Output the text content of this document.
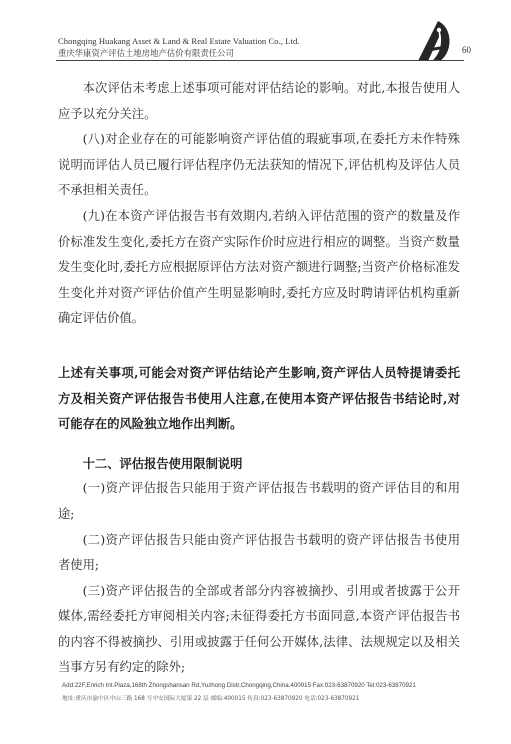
Chongqing Huakang Asset & Land & Real Estate Valuation Co., Ltd.
重庆华康资产评估土地房地产估价有限责任公司	60

本次评估未考虑上述事项可能对评估结论的影响。对此,本报告使用人应予以充分关注。

(八)对企业存在的可能影响资产评估值的瑕疵事项,在委托方未作特殊说明而评估人员已履行评估程序仍无法获知的情况下,评估机构及评估人员不承担相关责任。

(九)在本资产评估报告书有效期内,若纳入评估范围的资产的数量及作价标准发生变化,委托方在资产实际作价时应进行相应的调整。当资产数量发生变化时,委托方应根据原评估方法对资产额进行调整;当资产价格标准发生变化并对资产评估价值产生明显影响时,委托方应及时聘请评估机构重新确定评估价值。

上述有关事项,可能会对资产评估结论产生影响,资产评估人员特提请委托方及相关资产评估报告书使用人注意,在使用本资产评估报告书结论时,对可能存在的风险独立地作出判断。

十二、评估报告使用限制说明

(一)资产评估报告只能用于资产评估报告书载明的资产评估目的和用途;

(二)资产评估报告只能由资产评估报告书载明的资产评估报告书使用者使用;

(三)资产评估报告的全部或者部分内容被摘抄、引用或者披露于公开媒体,需经委托方审阅相关内容;未征得委托方书面同意,本资产评估报告书的内容不得被摘抄、引用或披露于任何公开媒体,法律、法规规定以及相关当事方另有约定的除外;

Add:22F,Enrich Int.Plaza,168th Zhongshansan Rd,Yuzhong Distr,Chongqing,China.400015 Fax:023-63870920 Tel:023-63870921
地址:重庆市渝中区中山三路 168 号中安国际大厦第 22 层 邮编:400015 传真:023-63870920 电话:023-63870921
